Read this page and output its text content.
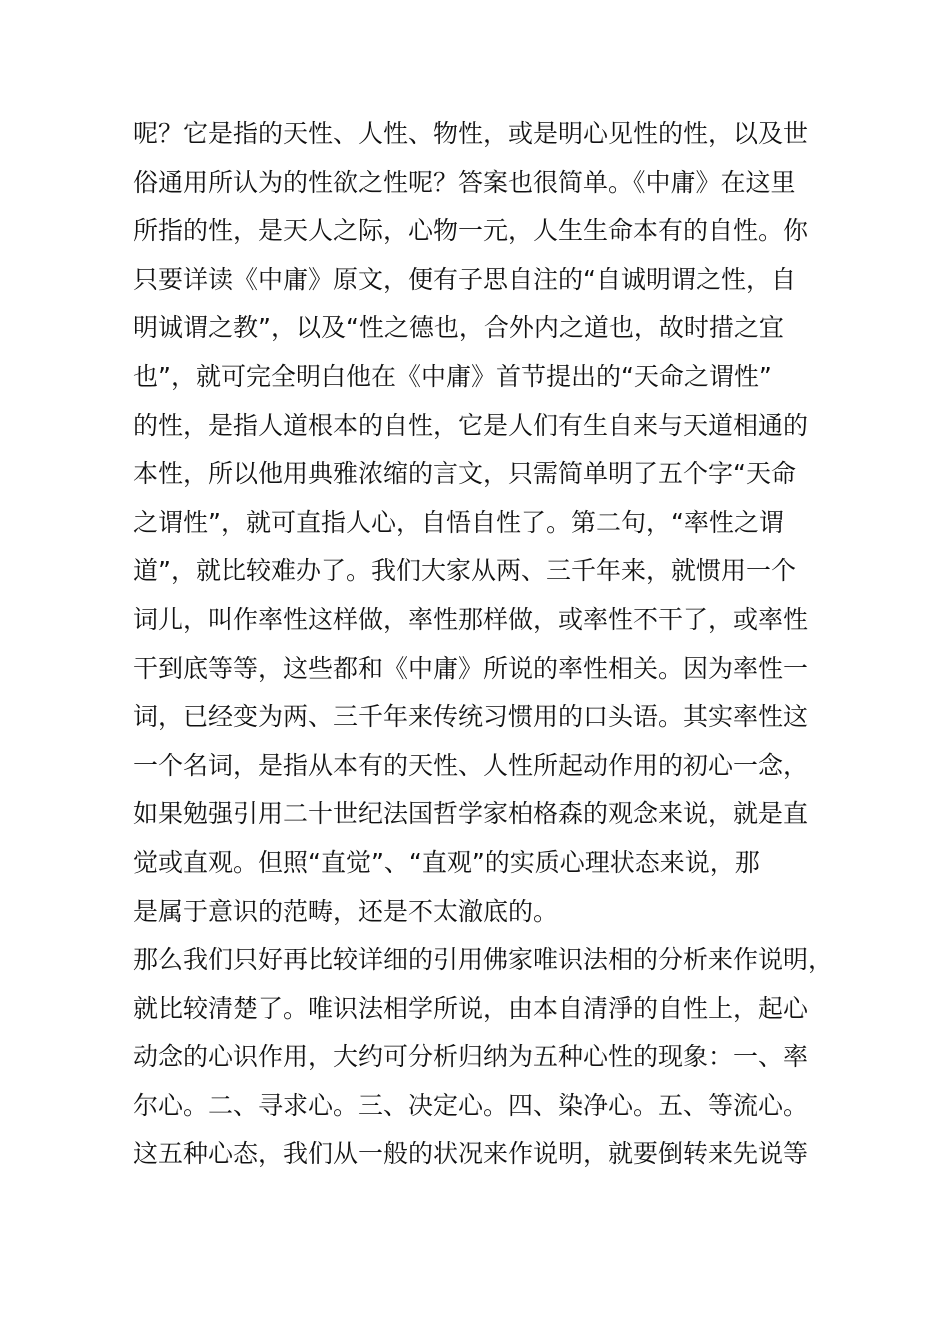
呢？它是指的天性、人性、物性，或是明心见性的性，以及世
俗通用所认为的性欲之性呢？答案也很简单。《中庸》在这里
所指的性，是天人之际，心物一元，人生生命本有的自性。你
只要详读《中庸》原文，便有子思自注的“自诚明谓之性，自
明诚谓之教”，以及“性之德也，合外内之道也，故时措之宜
也”，就可完全明白他在《中庸》首节提出的“天命之谓性”
的性，是指人道根本的自性，它是人们有生自来与天道相通的
本性，所以他用典雅浓缩的言文，只需简单明了五个字“天命
之谓性”，就可直指人心，自悟自性了。第二句，“率性之谓
道”，就比较难办了。我们大家从两、三千年来，就惯用一个
词儿，叫作率性这样做，率性那样做，或率性不干了，或率性
干到底等等，这些都和《中庸》所说的率性相关。因为率性一
词，已经变为两、三千年来传统习惯用的口头语。其实率性这
一个名词，是指从本有的天性、人性所起动作用的初心一念，
如果勉强引用二十世纪法国哲学家柏格森的观念来说，就是直
觉或直观。但照“直觉”、“直观”的实质心理状态来说，那
是属于意识的范畴，还是不太澈底的。
那么我们只好再比较详细的引用佛家唯识法相的分析来作说明，
就比较清楚了。唯识法相学所说，由本自清淨的自性上，起心
动念的心识作用，大约可分析归纳为五种心性的现象：一、率
尔心。二、寻求心。三、决定心。四、染净心。五、等流心。
这五种心态，我们从一般的状况来作说明，就要倒转来先说等
